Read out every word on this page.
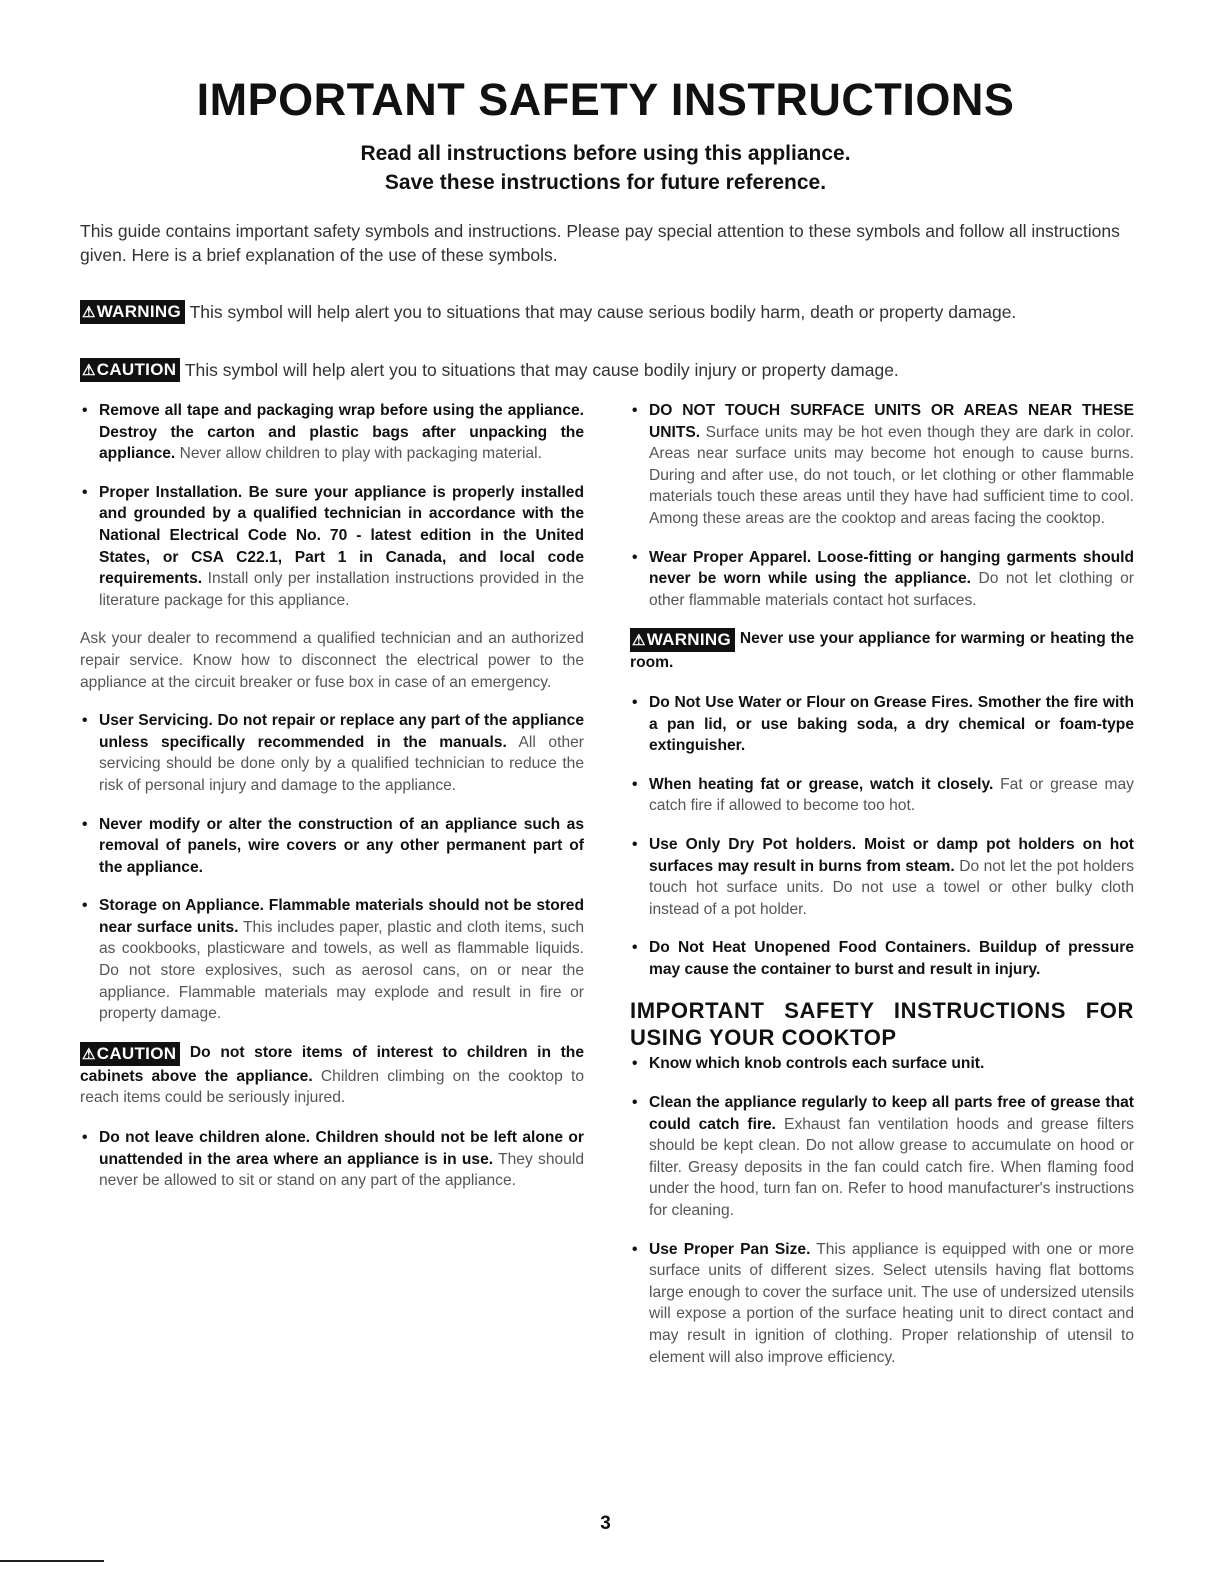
IMPORTANT SAFETY INSTRUCTIONS
Read all instructions before using this appliance.
Save these instructions for future reference.
This guide contains important safety symbols and instructions. Please pay special attention to these symbols and follow all instructions given. Here is a brief explanation of the use of these symbols.
⚠WARNING This symbol will help alert you to situations that may cause serious bodily harm, death or property damage.
⚠CAUTION This symbol will help alert you to situations that may cause bodily injury or property damage.
• Remove all tape and packaging wrap before using the appliance. Destroy the carton and plastic bags after unpacking the appliance. Never allow children to play with packaging material.
• Proper Installation. Be sure your appliance is properly installed and grounded by a qualified technician in accordance with the National Electrical Code No. 70 - latest edition in the United States, or CSA C22.1, Part 1 in Canada, and local code requirements. Install only per installation instructions provided in the literature package for this appliance.
Ask your dealer to recommend a qualified technician and an authorized repair service. Know how to disconnect the electrical power to the appliance at the circuit breaker or fuse box in case of an emergency.
• User Servicing. Do not repair or replace any part of the appliance unless specifically recommended in the manuals. All other servicing should be done only by a qualified technician to reduce the risk of personal injury and damage to the appliance.
• Never modify or alter the construction of an appliance such as removal of panels, wire covers or any other permanent part of the appliance.
• Storage on Appliance. Flammable materials should not be stored near surface units. This includes paper, plastic and cloth items, such as cookbooks, plasticware and towels, as well as flammable liquids. Do not store explosives, such as aerosol cans, on or near the appliance. Flammable materials may explode and result in fire or property damage.
⚠CAUTION Do not store items of interest to children in the cabinets above the appliance. Children climbing on the cooktop to reach items could be seriously injured.
• Do not leave children alone. Children should not be left alone or unattended in the area where an appliance is in use. They should never be allowed to sit or stand on any part of the appliance.
• DO NOT TOUCH SURFACE UNITS OR AREAS NEAR THESE UNITS. Surface units may be hot even though they are dark in color. Areas near surface units may become hot enough to cause burns. During and after use, do not touch, or let clothing or other flammable materials touch these areas until they have had sufficient time to cool. Among these areas are the cooktop and areas facing the cooktop.
• Wear Proper Apparel. Loose-fitting or hanging garments should never be worn while using the appliance. Do not let clothing or other flammable materials contact hot surfaces.
⚠WARNING Never use your appliance for warming or heating the room.
• Do Not Use Water or Flour on Grease Fires. Smother the fire with a pan lid, or use baking soda, a dry chemical or foam-type extinguisher.
• When heating fat or grease, watch it closely. Fat or grease may catch fire if allowed to become too hot.
• Use Only Dry Pot holders. Moist or damp pot holders on hot surfaces may result in burns from steam. Do not let the pot holders touch hot surface units. Do not use a towel or other bulky cloth instead of a pot holder.
• Do Not Heat Unopened Food Containers. Buildup of pressure may cause the container to burst and result in injury.
IMPORTANT SAFETY INSTRUCTIONS FOR USING YOUR COOKTOP
• Know which knob controls each surface unit.
• Clean the appliance regularly to keep all parts free of grease that could catch fire. Exhaust fan ventilation hoods and grease filters should be kept clean. Do not allow grease to accumulate on hood or filter. Greasy deposits in the fan could catch fire. When flaming food under the hood, turn fan on. Refer to hood manufacturer's instructions for cleaning.
• Use Proper Pan Size. This appliance is equipped with one or more surface units of different sizes. Select utensils having flat bottoms large enough to cover the surface unit. The use of undersized utensils will expose a portion of the surface heating unit to direct contact and may result in ignition of clothing. Proper relationship of utensil to element will also improve efficiency.
3
